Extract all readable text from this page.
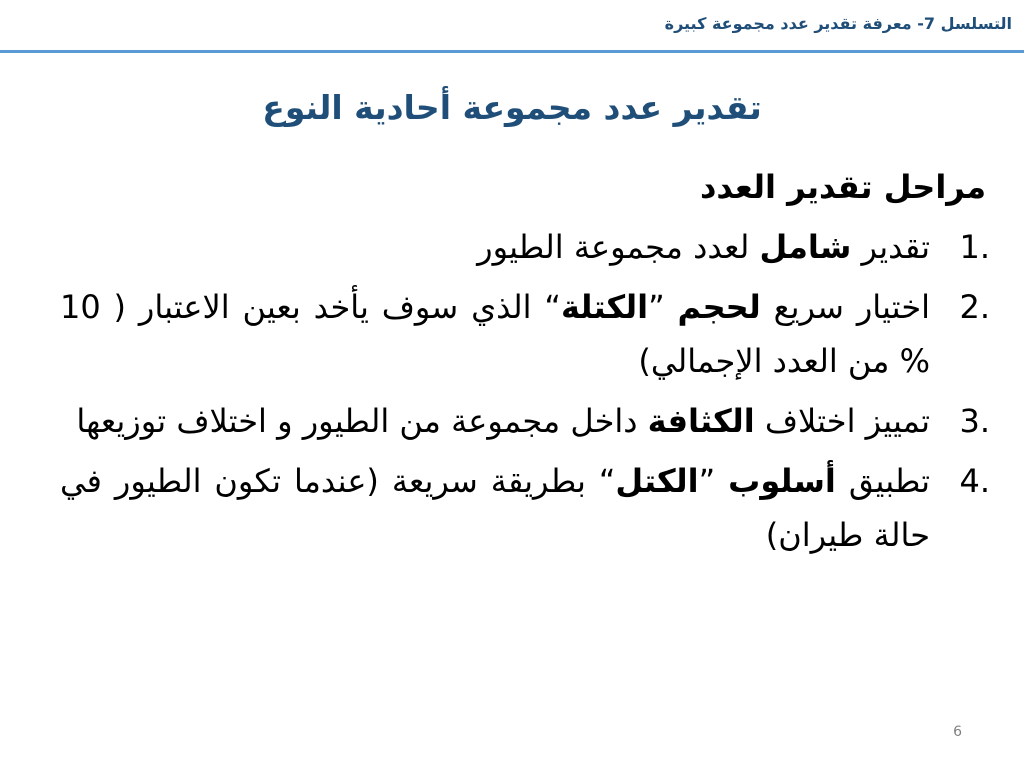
التسلسل 7- معرفة تقدير عدد مجموعة كبيرة
تقدير عدد مجموعة أحادية النوع
مراحل تقدير العدد
1.
تقدير شامل لعدد مجموعة الطيور
2.
اختيار سريع لحجم ”الكتلة“ الذي سوف يأخد بعين الاعتبار ( 10 % من العدد الإجمالي)
3.
تمييز اختلاف الكثافة داخل مجموعة من الطيور و اختلاف توزيعها
4.
تطبيق أسلوب ”الكتل“ بطريقة سريعة (عندما تكون الطيور في حالة طيران)
6
